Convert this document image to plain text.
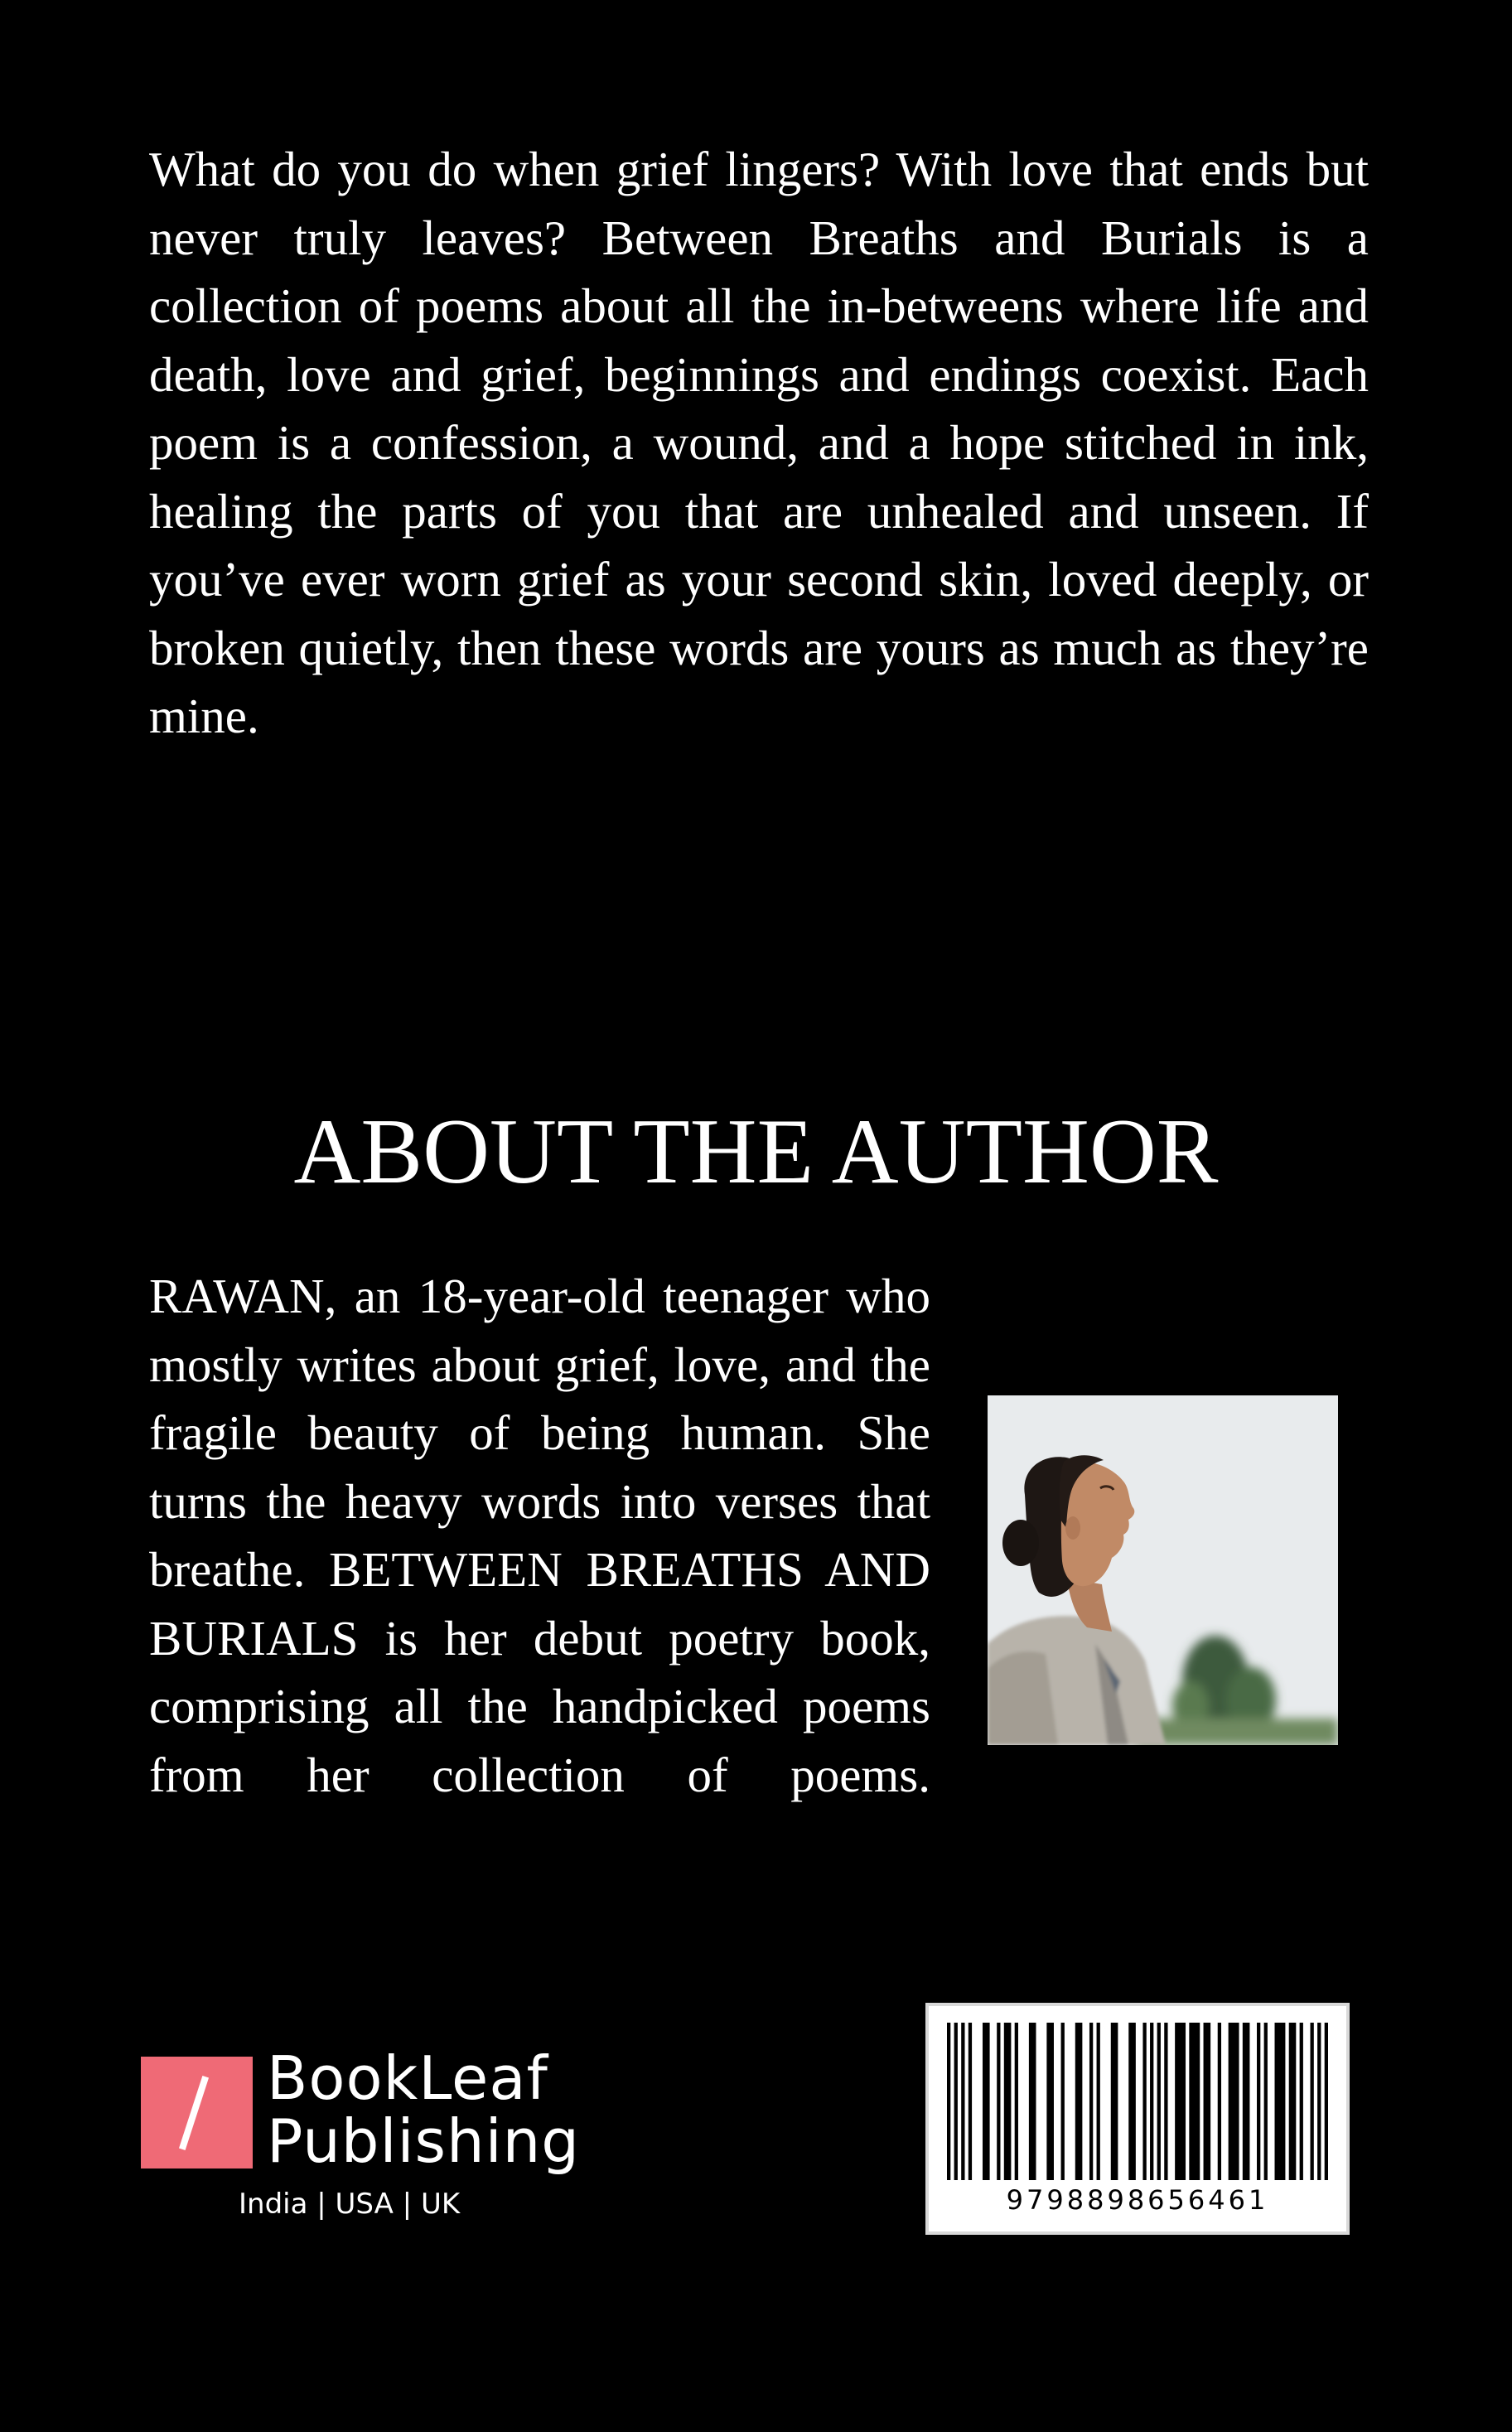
What do you do when grief lingers? With love that ends but never truly leaves? Between Breaths and Burials is a collection of poems about all the in-betweens where life and death, love and grief, beginnings and endings coexist. Each poem is a confession, a wound, and a hope stitched in ink, healing the parts of you that are unhealed and unseen. If you’ve ever worn grief as your second skin, loved deeply, or broken quietly, then these words are yours as much as they’re mine.

ABOUT THE AUTHOR

RAWAN, an 18-year-old teenager who mostly writes about grief, love, and the fragile beauty of being human. She turns the heavy words into verses that breathe. BETWEEN BREATHS AND BURIALS is her debut poetry book, comprising all the handpicked poems from her collection of poems.

BookLeaf
Publishing
India | USA | UK	9798898656461
